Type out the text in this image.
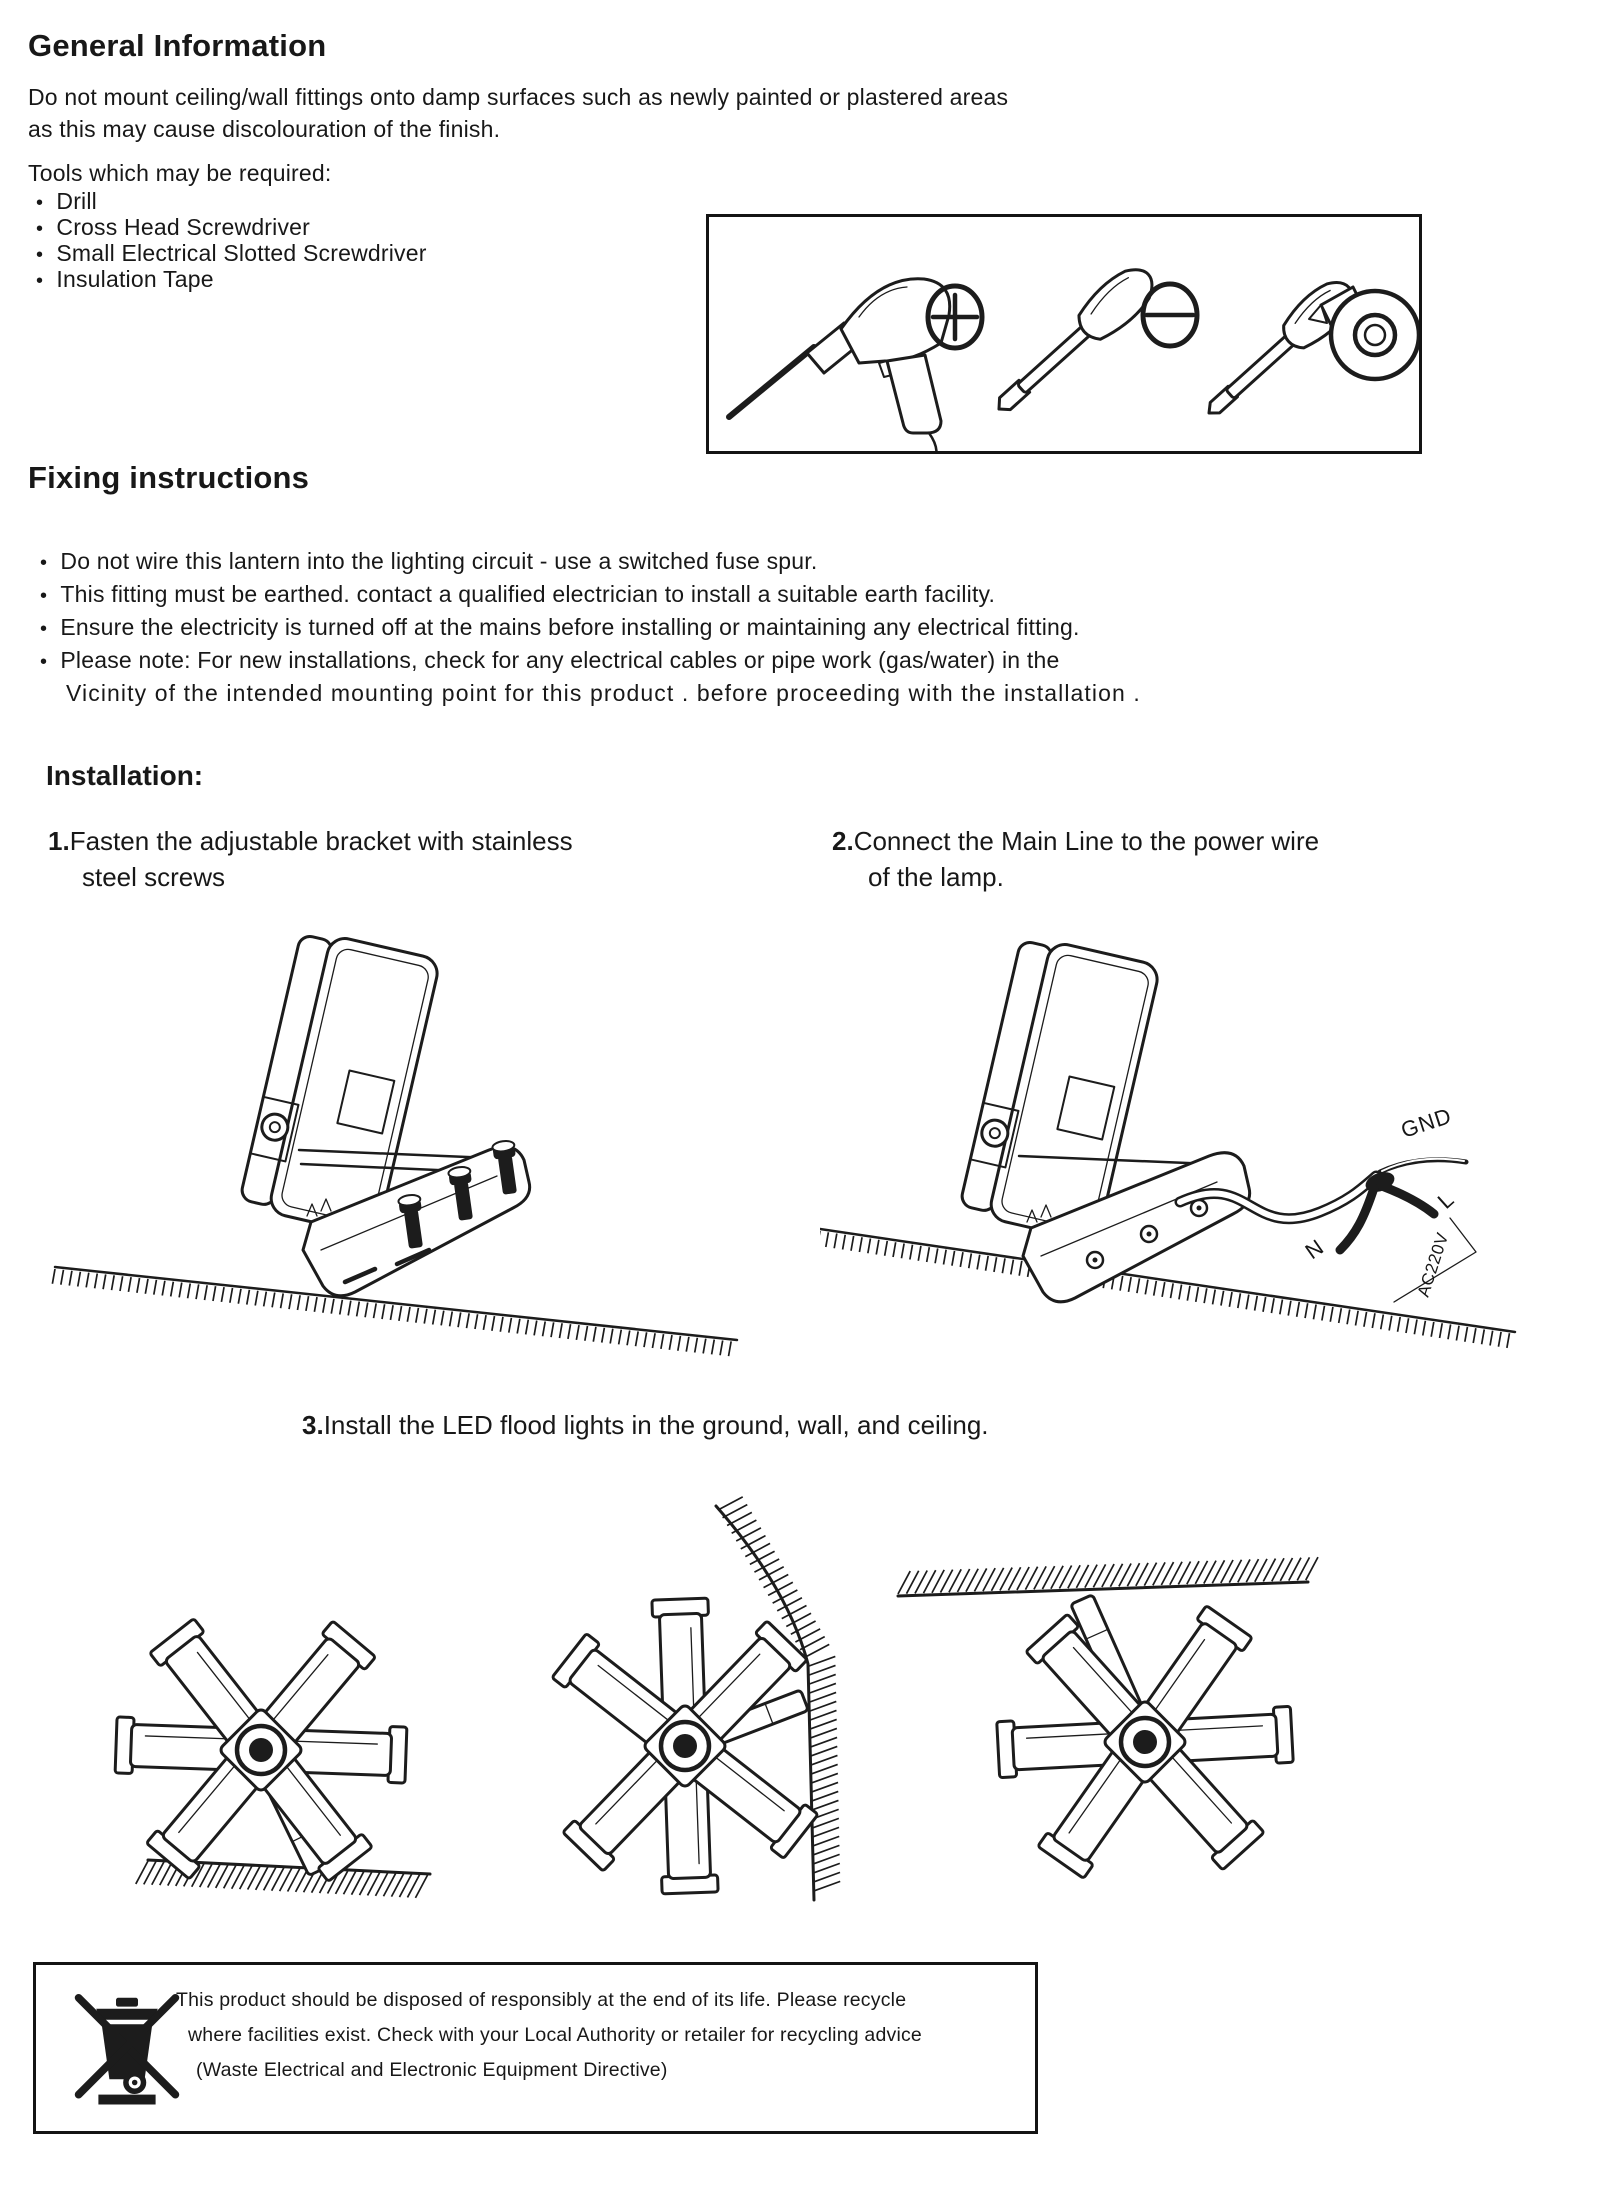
General Information
Do not mount ceiling/wall fittings onto damp surfaces such as newly painted or plastered areas
as this may cause discolouration of the finish.
Tools which may be required:
• Drill
• Cross Head Screwdriver
• Small Electrical Slotted Screwdriver
• Insulation Tape
Fixing instructions
• Do not wire this lantern into the lighting circuit - use a switched fuse spur.
• This fitting must be earthed. contact a qualified electrician to install a suitable earth facility.
• Ensure the electricity is turned off at the mains before installing or maintaining any electrical fitting.
• Please note: For new installations, check for any electrical cables or pipe work (gas/water) in the
Vicinity of the intended mounting point for this product . before proceeding with the installation .
Installation:
1.Fasten the adjustable bracket with stainless
steel screws
2.Connect the Main Line to the power wire
of the lamp.
GND
L
N	AC220V
3.Install the LED flood lights in the ground, wall, and ceiling.
This product should be disposed of responsibly at the end of its life. Please recycle
where facilities exist. Check with your Local Authority or retailer for recycling advice
(Waste Electrical and Electronic Equipment Directive)
